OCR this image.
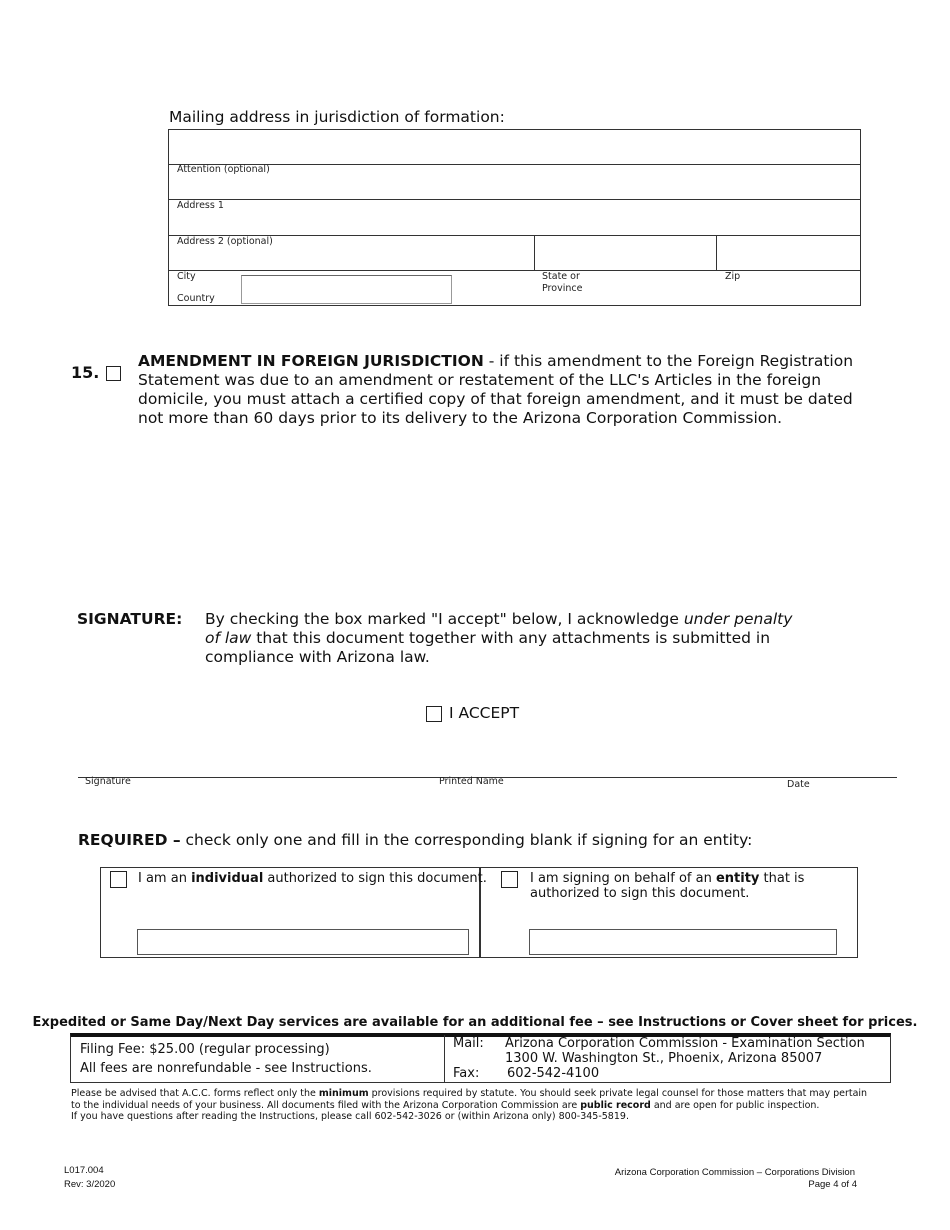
Mailing address in jurisdiction of formation:
Attention (optional)
Address 1
Address 2 (optional)
City
Country
State or
Province
Zip
15.
AMENDMENT IN FOREIGN JURISDICTION - if this amendment to the Foreign Registration
Statement was due to an amendment or restatement of the LLC's Articles in the foreign
domicile, you must attach a certified copy of that foreign amendment, and it must be dated
not more than 60 days prior to its delivery to the Arizona Corporation Commission.
SIGNATURE: By checking the box marked "I accept" below, I acknowledge under penalty
of law that this document together with any attachments is submitted in
compliance with Arizona law.
I ACCEPT
Signature	Printed Name	Date
REQUIRED – check only one and fill in the corresponding blank if signing for an entity:
I am an individual authorized to sign this document.	I am signing on behalf of an entity that is
authorized to sign this document.
Expedited or Same Day/Next Day services are available for an additional fee – see Instructions or Cover sheet for prices.
Filing Fee: $25.00 (regular processing)
All fees are nonrefundable - see Instructions.
Mail: Arizona Corporation Commission - Examination Section
1300 W. Washington St., Phoenix, Arizona 85007
Fax: 602-542-4100
Please be advised that A.C.C. forms reflect only the minimum provisions required by statute. You should seek private legal counsel for those matters that may pertain
to the individual needs of your business. All documents filed with the Arizona Corporation Commission are public record and are open for public inspection.
If you have questions after reading the Instructions, please call 602-542-3026 or (within Arizona only) 800-345-5819.
L017.004
Rev: 3/2020
Arizona Corporation Commission – Corporations Division
Page 4 of 4
